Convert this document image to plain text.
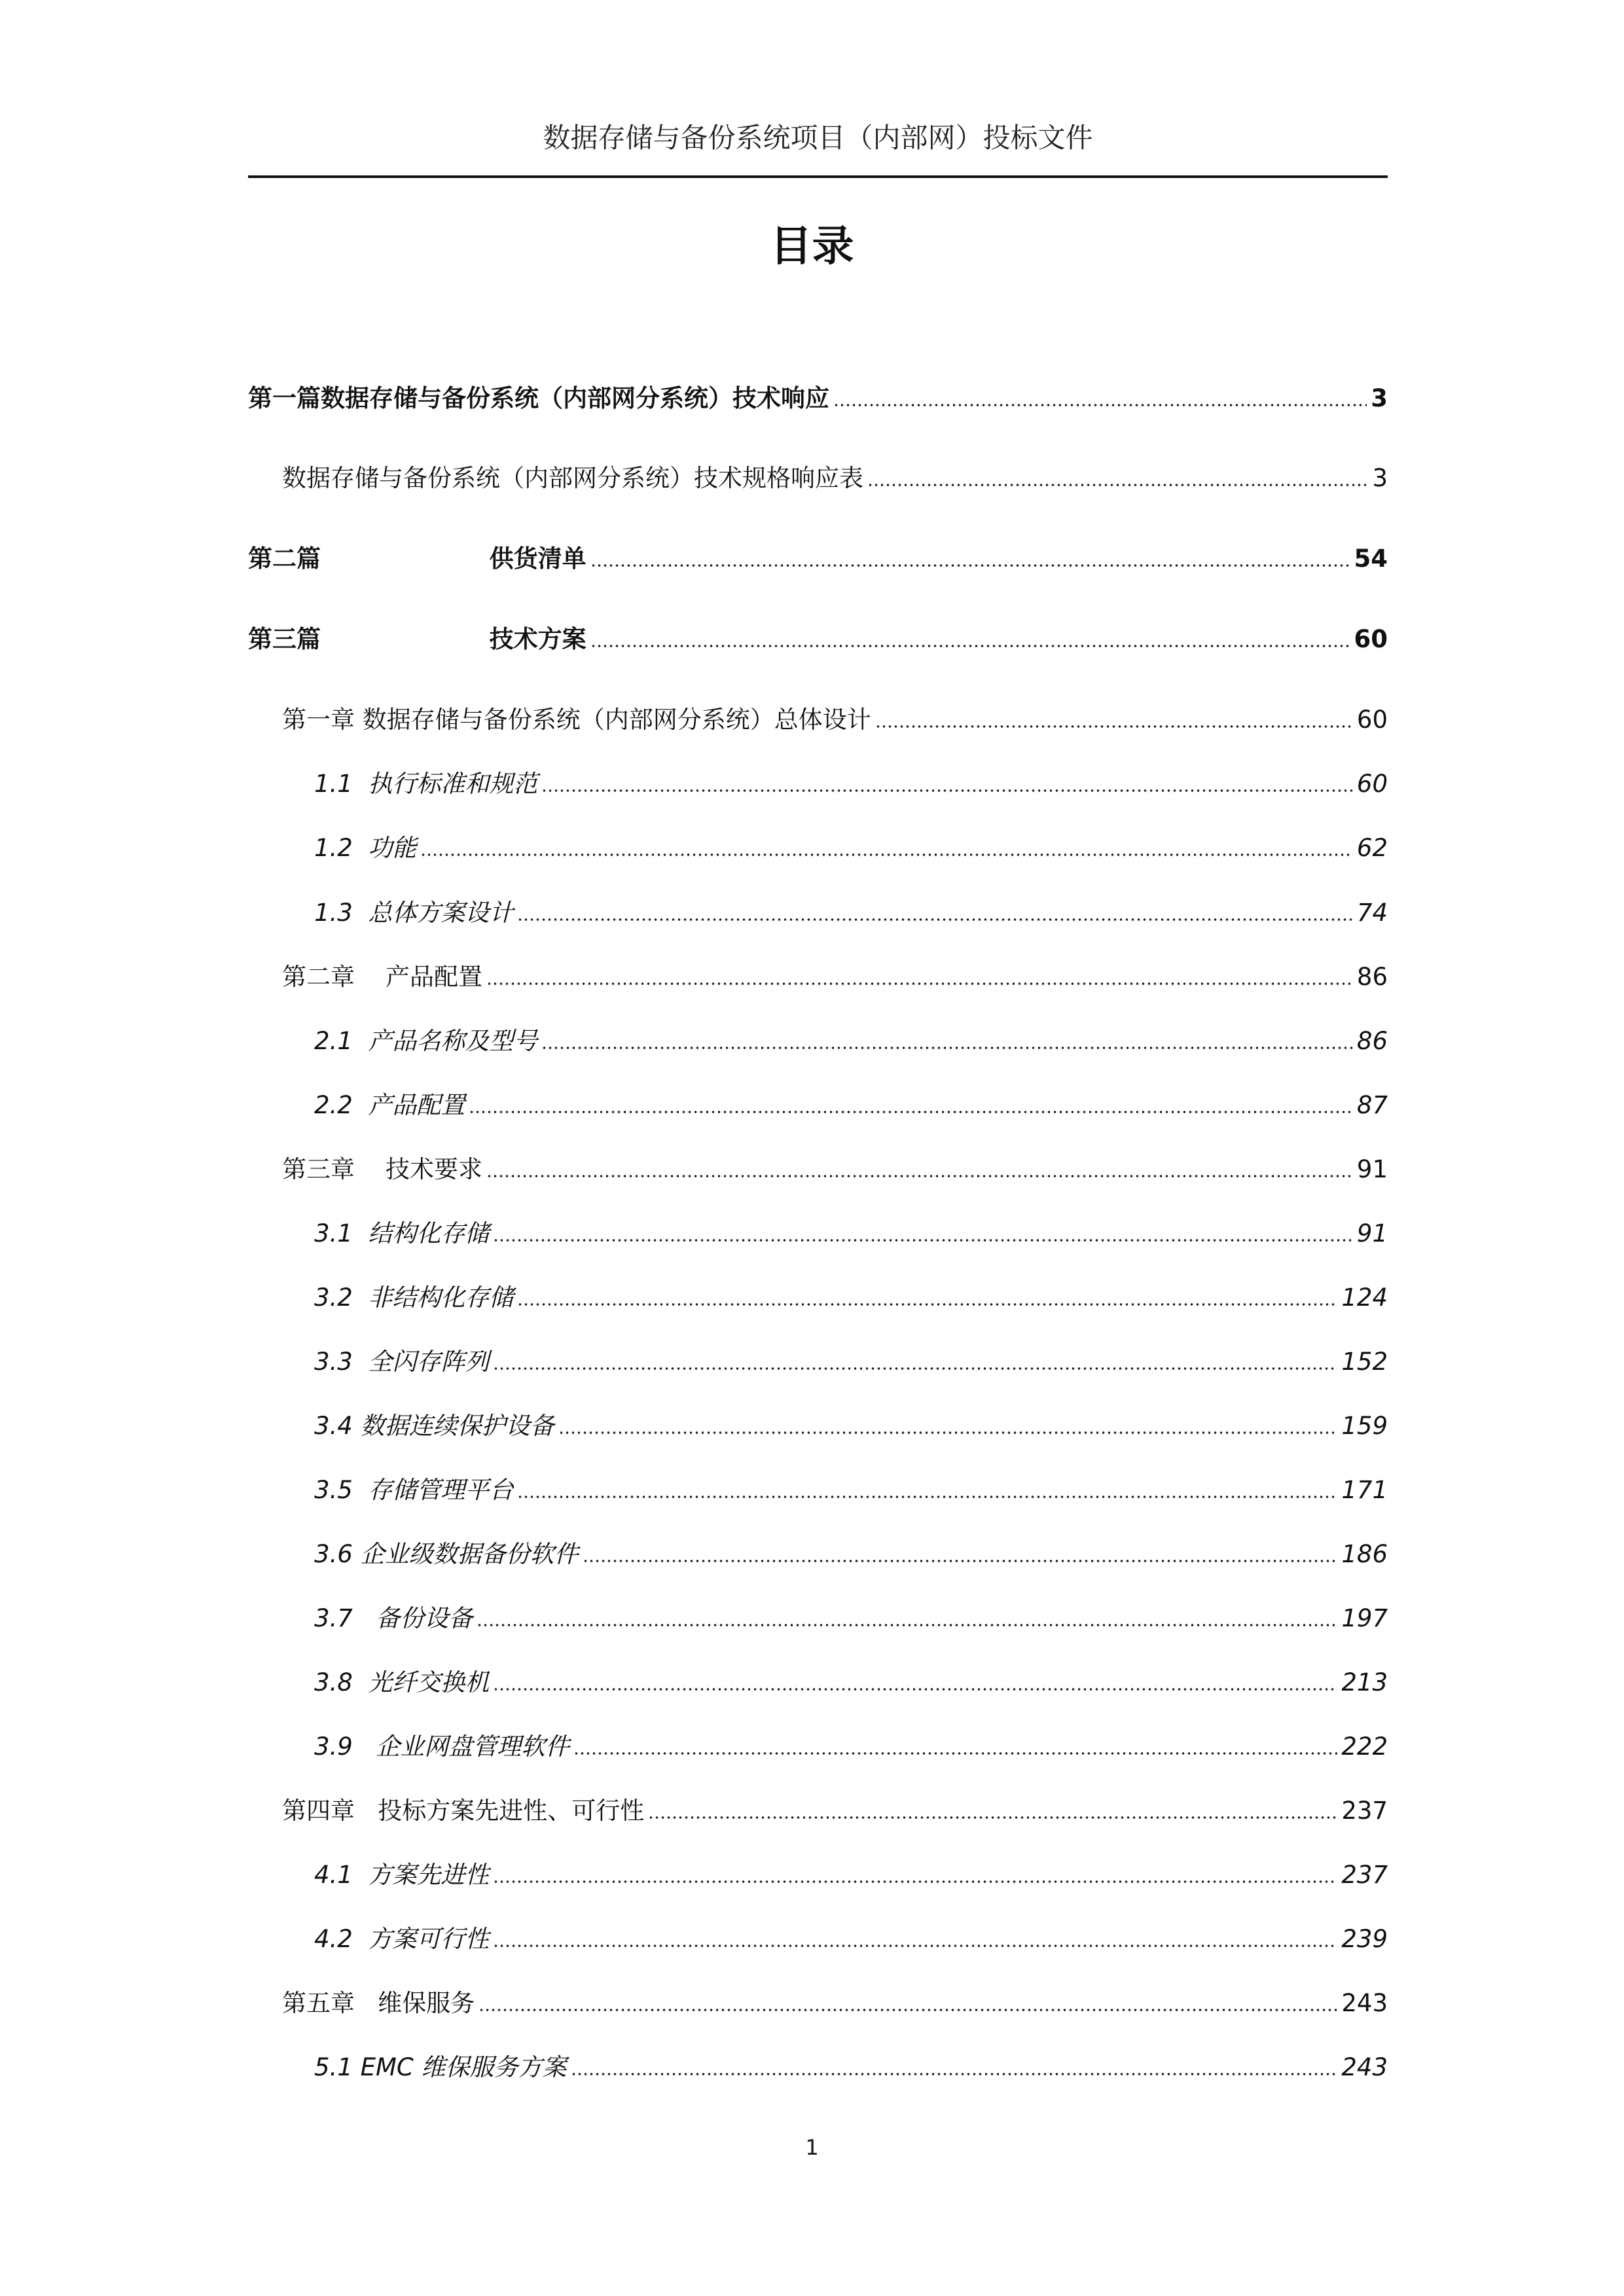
数据存储与备份系统项目（内部网）投标文件
目录
第一篇数据存储与备份系统（内部网分系统）技术响应	3
数据存储与备份系统（内部网分系统）技术规格响应表	3
第二篇                    供货清单	54
第三篇                    技术方案	60
第一章 数据存储与备份系统（内部网分系统）总体设计	60
1.1  执行标准和规范	60
1.2  功能	62
1.3  总体方案设计	74
第二章    产品配置	86
2.1  产品名称及型号	86
2.2  产品配置	87
第三章    技术要求	91
3.1  结构化存储	91
3.2  非结构化存储	124
3.3  全闪存阵列	152
3.4 数据连续保护设备	159
3.5  存储管理平台	171
3.6 企业级数据备份软件	186
3.7   备份设备	197
3.8  光纤交换机	213
3.9   企业网盘管理软件	222
第四章   投标方案先进性、可行性	237
4.1  方案先进性	237
4.2  方案可行性	239
第五章   维保服务	243
5.1 EMC 维保服务方案	243
1
